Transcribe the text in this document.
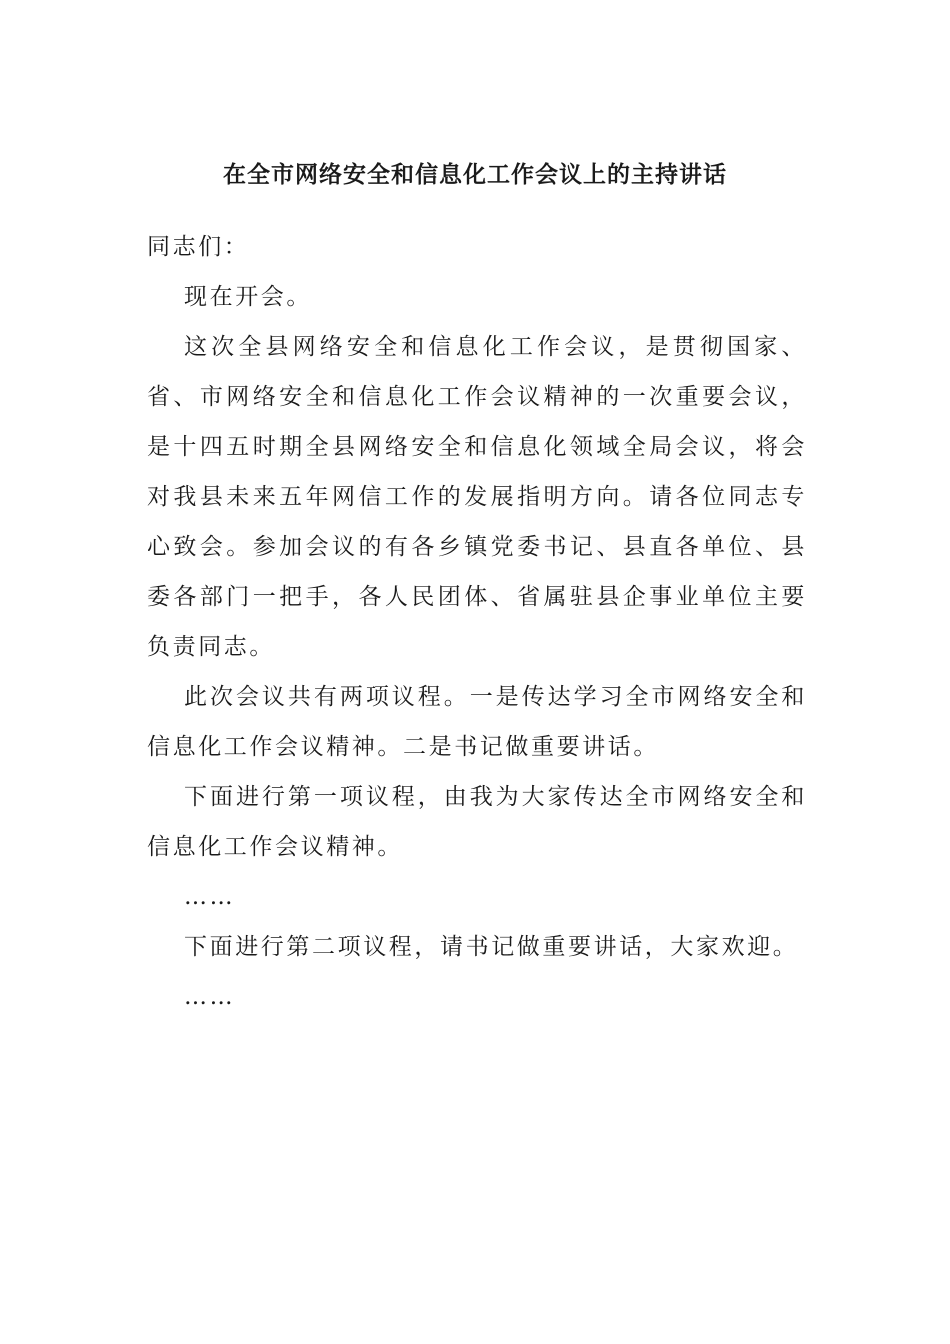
在全市网络安全和信息化工作会议上的主持讲话

同志们：

现在开会。

这次全县网络安全和信息化工作会议，是贯彻国家、省、市网络安全和信息化工作会议精神的一次重要会议，是十四五时期全县网络安全和信息化领域全局会议，将会对我县未来五年网信工作的发展指明方向。请各位同志专心致会。参加会议的有各乡镇党委书记、县直各单位、县委各部门一把手，各人民团体、省属驻县企事业单位主要负责同志。

此次会议共有两项议程。一是传达学习全市网络安全和信息化工作会议精神。二是书记做重要讲话。

下面进行第一项议程，由我为大家传达全市网络安全和信息化工作会议精神。

……

下面进行第二项议程，请书记做重要讲话，大家欢迎。

……
